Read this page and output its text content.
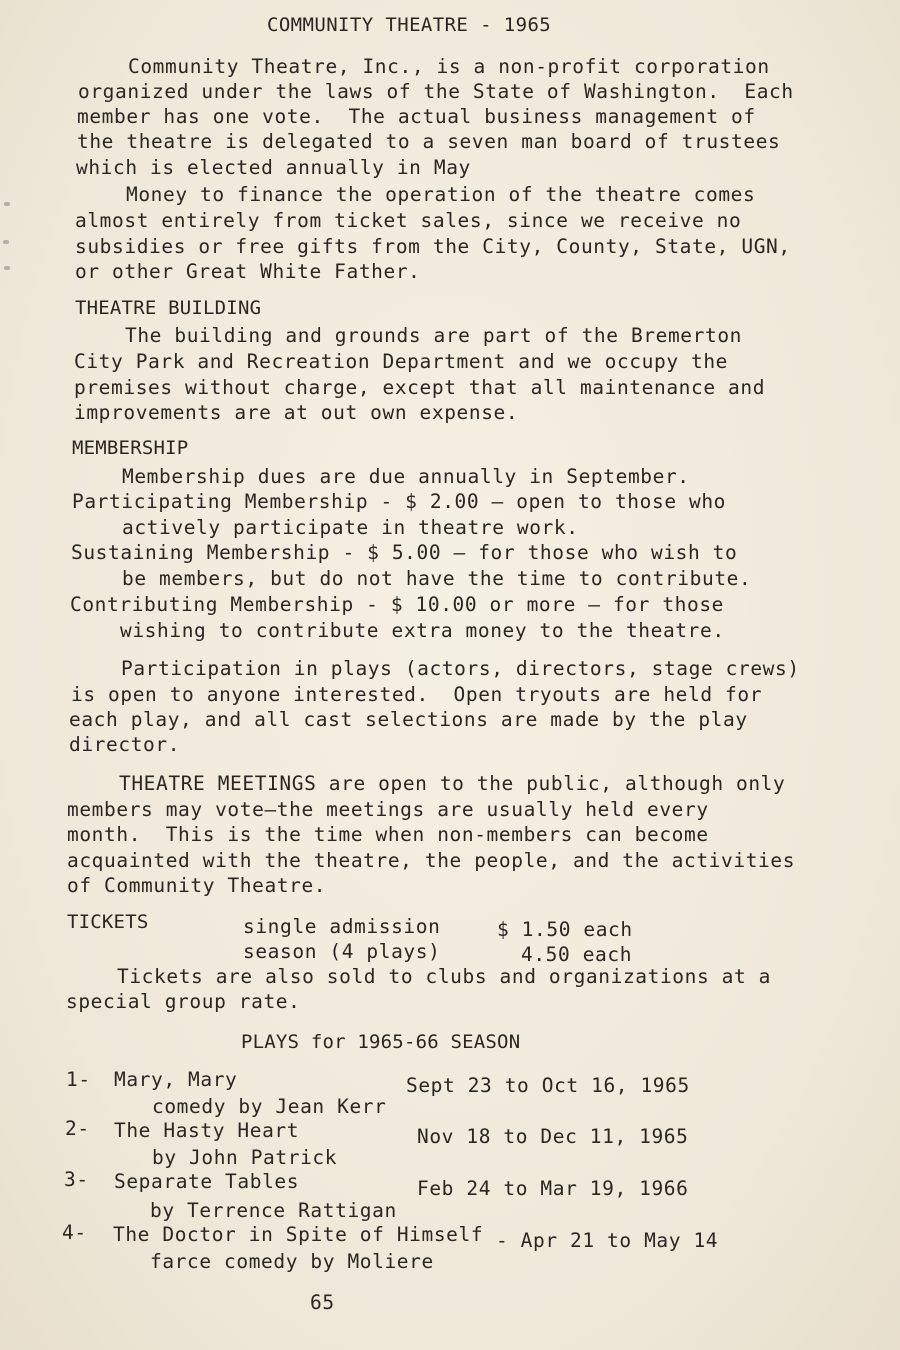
COMMUNITY THEATRE - 1965
Community Theatre, Inc., is a non-profit corporation
organized under the laws of the State of Washington.  Each
member has one vote.  The actual business management of
the theatre is delegated to a seven man board of trustees
which is elected annually in May
Money to finance the operation of the theatre comes
almost entirely from ticket sales, since we receive no
subsidies or free gifts from the City, County, State, UGN,
or other Great White Father.
THEATRE BUILDING
The building and grounds are part of the Bremerton
City Park and Recreation Department and we occupy the
premises without charge, except that all maintenance and
improvements are at out own expense.
MEMBERSHIP
Membership dues are due annually in September.
Participating Membership - $ 2.00 — open to those who
actively participate in theatre work.
Sustaining Membership - $ 5.00 — for those who wish to
be members, but do not have the time to contribute.
Contributing Membership - $ 10.00 or more — for those
wishing to contribute extra money to the theatre.
Participation in plays (actors, directors, stage crews)
is open to anyone interested.  Open tryouts are held for
each play, and all cast selections are made by the play
director.
THEATRE MEETINGS are open to the public, although only
members may vote—the meetings are usually held every
month.  This is the time when non-members can become
acquainted with the theatre, the people, and the activities
of Community Theatre.
TICKETS	single admission	$ 1.50 each
season (4 plays)	4.50 each
Tickets are also sold to clubs and organizations at a
special group rate.
PLAYS for 1965-66 SEASON
1- Mary, Mary	Sept 23 to Oct 16, 1965
comedy by Jean Kerr
2- The Hasty Heart	Nov 18 to Dec 11, 1965
by John Patrick
3- Separate Tables	Feb 24 to Mar 19, 1966
by Terrence Rattigan
4- The Doctor in Spite of Himself - Apr 21 to May 14
farce comedy by Moliere
65
